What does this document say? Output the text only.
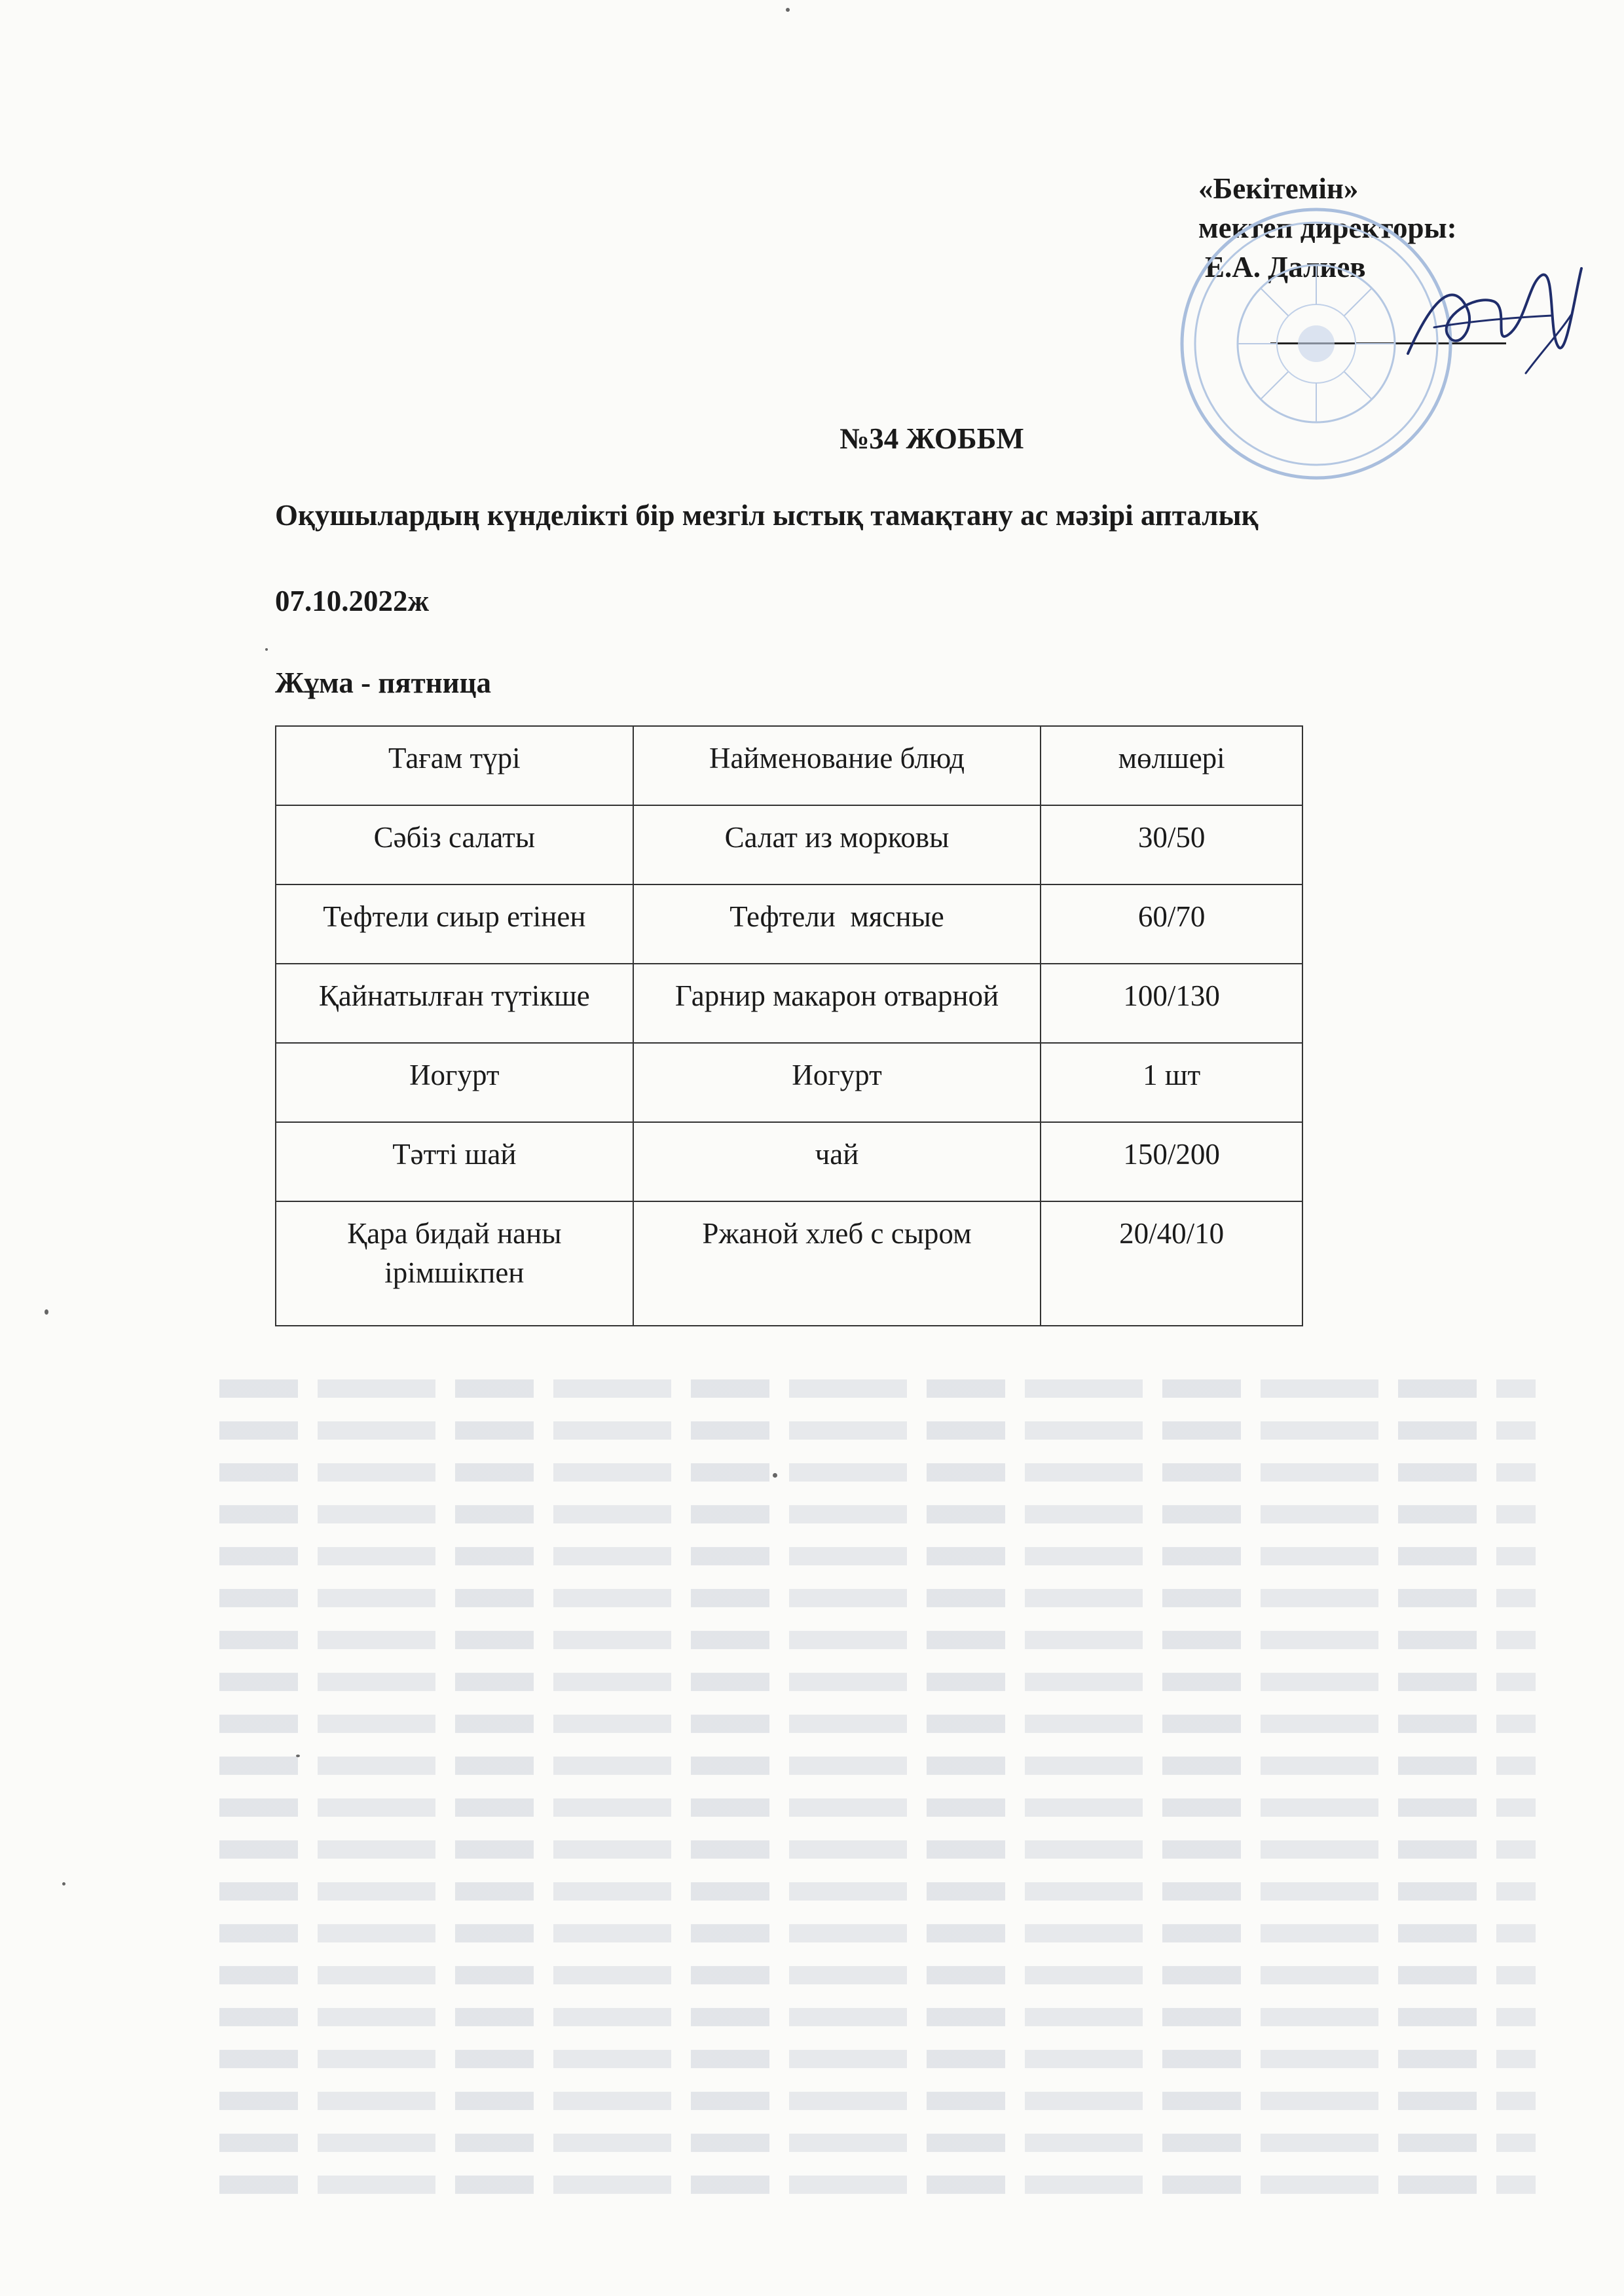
«Бекітемін»
мектеп директоры:
Е.А. Далиев
№34 ЖОББМ
Оқушылардың күнделікті бір мезгіл ыстық тамақтану ас мәзірі апталық
07.10.2022ж
Жұма - пятница
Тағам түрі	Найменование блюд	мөлшері
Сәбіз салаты	Салат из морковы	30/50
Тефтели сиыр етінен	Тефтели  мясные	60/70
Қайнатылған түтікше	Гарнир макарон отварной	100/130
Иогурт	Иогурт	1 шт
Тәтті шай	чай	150/200
Қара бидай наны ірімшікпен	Ржаной хлеб с сыром	20/40/10
